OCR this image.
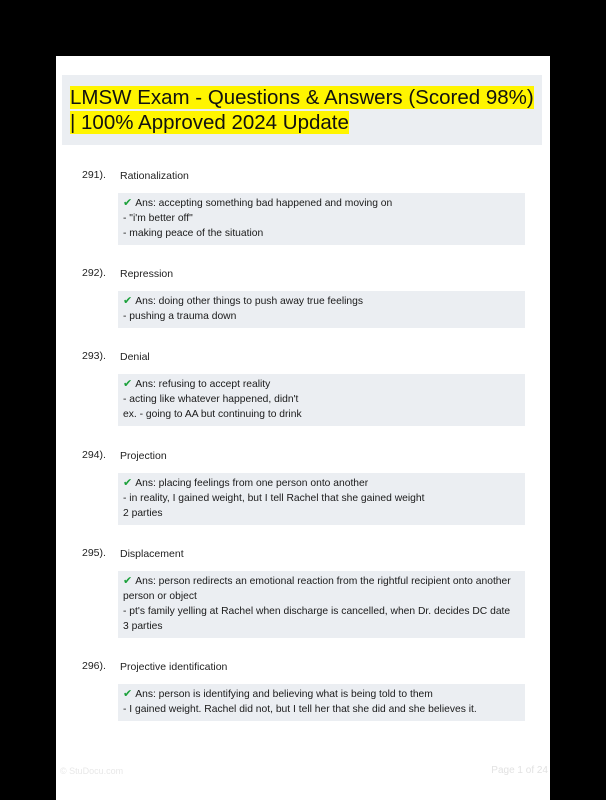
LMSW Exam - Questions & Answers (Scored 98%) | 100% Approved 2024 Update
291). Rationalization
✔ Ans: accepting something bad happened and moving on
- "i'm better off"
- making peace of the situation
292). Repression
✔ Ans: doing other things to push away true feelings
- pushing a trauma down
293). Denial
✔ Ans: refusing to accept reality
- acting like whatever happened, didn't
ex. - going to AA but continuing to drink
294). Projection
✔ Ans: placing feelings from one person onto another
- in reality, I gained weight, but I tell Rachel that she gained weight
2 parties
295). Displacement
✔ Ans: person redirects an emotional reaction from the rightful recipient onto another
person or object
- pt's family yelling at Rachel when discharge is cancelled, when Dr. decides DC date
3 parties
296). Projective identification
✔ Ans: person is identifying and believing what is being told to them
- I gained weight. Rachel did not, but I tell her that she did and she believes it.
© StuDocu.com	Page 1 of 24
